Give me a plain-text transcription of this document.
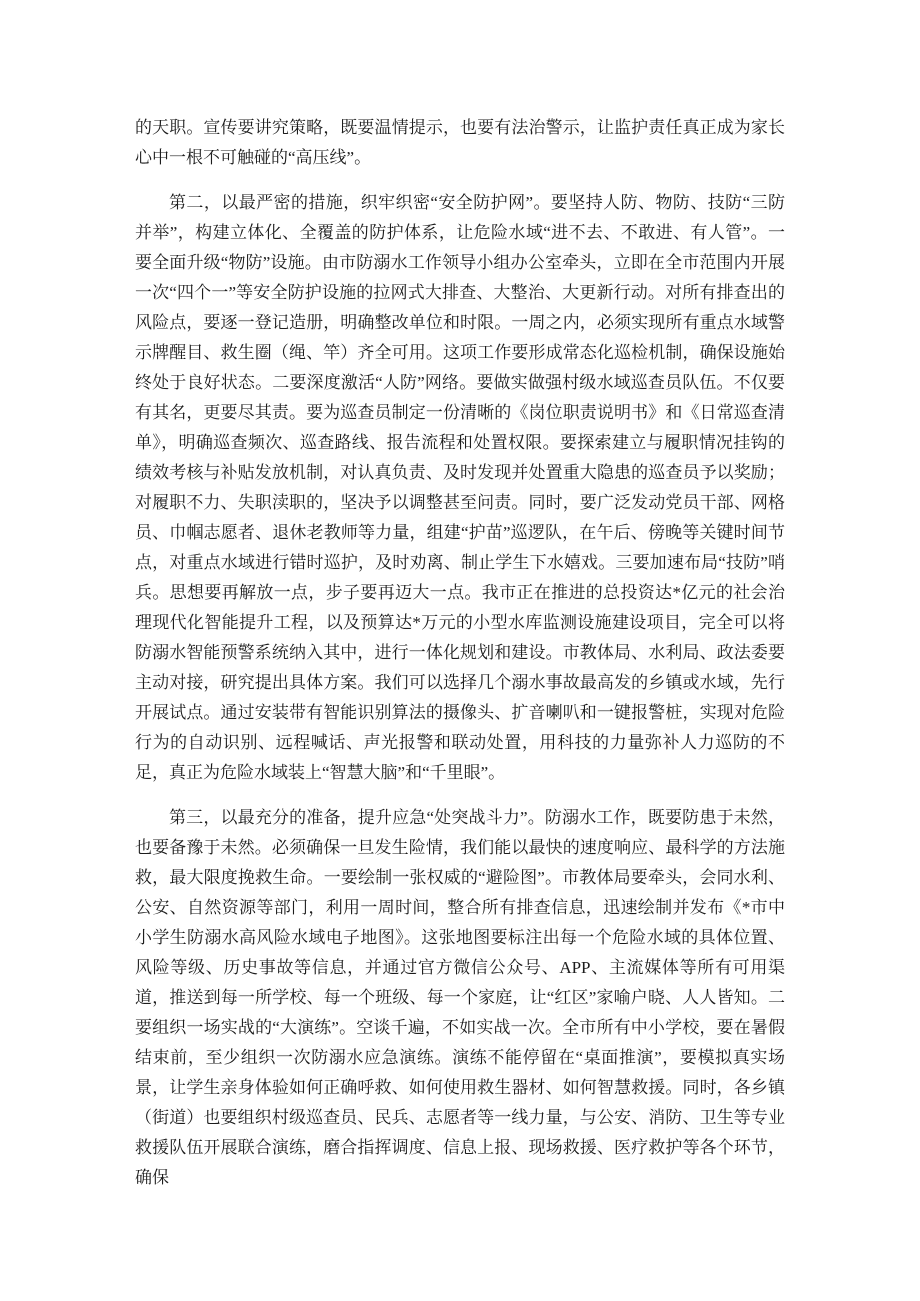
的天职。宣传要讲究策略，既要温情提示，也要有法治警示，让监护责任真正成为家长心中一根不可触碰的“高压线”。

第二，以最严密的措施，织牢织密“安全防护网”。要坚持人防、物防、技防“三防并举”，构建立体化、全覆盖的防护体系，让危险水域“进不去、不敢进、有人管”。一要全面升级“物防”设施。由市防溺水工作领导小组办公室牵头，立即在全市范围内开展一次“四个一”等安全防护设施的拉网式大排查、大整治、大更新行动。对所有排查出的风险点，要逐一登记造册，明确整改单位和时限。一周之内，必须实现所有重点水域警示牌醒目、救生圈（绳、竿）齐全可用。这项工作要形成常态化巡检机制，确保设施始终处于良好状态。二要深度激活“人防”网络。要做实做强村级水域巡查员队伍。不仅要有其名，更要尽其责。要为巡查员制定一份清晰的《岗位职责说明书》和《日常巡查清单》，明确巡查频次、巡查路线、报告流程和处置权限。要探索建立与履职情况挂钩的绩效考核与补贴发放机制，对认真负责、及时发现并处置重大隐患的巡查员予以奖励；对履职不力、失职渎职的，坚决予以调整甚至问责。同时，要广泛发动党员干部、网格员、巾帼志愿者、退休老教师等力量，组建“护苗”巡逻队，在午后、傍晚等关键时间节点，对重点水域进行错时巡护，及时劝离、制止学生下水嬉戏。三要加速布局“技防”哨兵。思想要再解放一点，步子要再迈大一点。我市正在推进的总投资达*亿元的社会治理现代化智能提升工程，以及预算达*万元的小型水库监测设施建设项目，完全可以将防溺水智能预警系统纳入其中，进行一体化规划和建设。市教体局、水利局、政法委要主动对接，研究提出具体方案。我们可以选择几个溺水事故最高发的乡镇或水域，先行开展试点。通过安装带有智能识别算法的摄像头、扩音喇叭和一键报警桩，实现对危险行为的自动识别、远程喊话、声光报警和联动处置，用科技的力量弥补人力巡防的不足，真正为危险水域装上“智慧大脑”和“千里眼”。

第三，以最充分的准备，提升应急“处突战斗力”。防溺水工作，既要防患于未然，也要备豫于未然。必须确保一旦发生险情，我们能以最快的速度响应、最科学的方法施救，最大限度挽救生命。一要绘制一张权威的“避险图”。市教体局要牵头，会同水利、公安、自然资源等部门，利用一周时间，整合所有排查信息，迅速绘制并发布《*市中小学生防溺水高风险水域电子地图》。这张地图要标注出每一个危险水域的具体位置、风险等级、历史事故等信息，并通过官方微信公众号、APP、主流媒体等所有可用渠道，推送到每一所学校、每一个班级、每一个家庭，让“红区”家喻户晓、人人皆知。二要组织一场实战的“大演练”。空谈千遍，不如实战一次。全市所有中小学校，要在暑假结束前，至少组织一次防溺水应急演练。演练不能停留在“桌面推演”，要模拟真实场景，让学生亲身体验如何正确呼救、如何使用救生器材、如何智慧救援。同时，各乡镇（街道）也要组织村级巡查员、民兵、志愿者等一线力量，与公安、消防、卫生等专业救援队伍开展联合演练，磨合指挥调度、信息上报、现场救援、医疗救护等各个环节，确保
